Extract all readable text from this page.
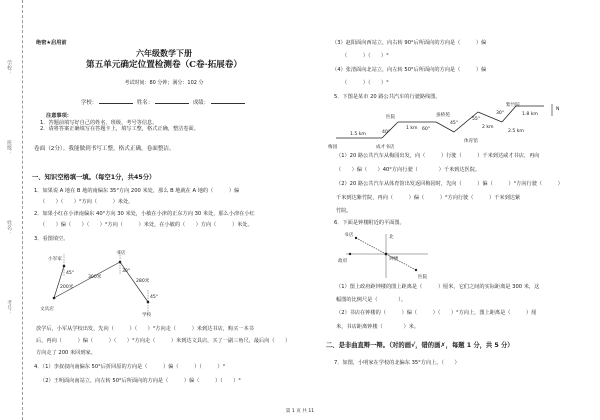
学校：
班级：
姓名：
考号：
绝密★启用前
六年级数学下册
第五单元确定位置检测卷（C卷·拓展卷）
考试时间：80 分钟；满分：102 分
学校：	姓名：	成绩：
注意事项：
1．答题前填写好自己的姓名、班级、考号等信息。
2．请将答案正确填写在答题卡上，填写工整，格式正确，整洁卷面。
卷面（2分）。我能做到书写工整，格式正确，卷面整洁。
一、知识空格填一填。（每空1分，共45分）
1．如果说 A 地在 B 地的南偏东 35°方向 200 米处，那么 B 地就在 A 地的（　　　）偏
（　　）（　　）°方向（　　　）米处。
2．如果小红在小津南偏东 40°方向 30 米处，小敏在小津的正东方向 30 米处，那么小津在小红
（　　）偏（　　）（　　）°方向（　　　）米处，在小敏的（　　）方向（　　　）米处。
3．看图填空。
小军家
书店
文具店
学校
200米
300米
280米
45°	30°
45°
放学后，小军从学校出发，先向（　　　）（　　）°方向走（　　　）米到达书店，购买一本书
后，再向（　　　）偏（　　　）（　　）°方向走（　　　）米到达文具店，买了一副三角尺，最后向（　　）
方向走了 200 米回到家。
4．（1）李叔叔向南偏东 50°后折回原的方向是（　　　）偏（　　　）（　　　）°
（2）王明面向南站立，向左转 50°后所面向的方向是（　　　）偏（　　　）（　　）°
（3）赵阳面向西站立，向右转 90°后所面向的方向是（　　　）偏
（　　　）（　　）°
（4）张清面向北站立，向左转 50°后所面向的方向是（　　　）偏
（　　　）（　　）°
5．下图是某市 20 路公共汽车的行驶路线图。
N
紫竹院
医院	蚕桥苑
梅园	成才书店
体育馆
1.5 km
1 km	2 km
1.8 km
2.5 km
40°
60°
45°
55°
30°
（1）20 路公共汽车从梅园出发，向（　　　）行驶（　　　）千米到达咸才书店，再向
（　　）偏（　　）40°方向行驶（　　　　）千米到达医院。
（2）20 路公共汽车从体育馆出发返回梅园时，先向（　　　）偏（　　　）°方向行驶（　　　）
千米到达紫竹院，再向（　　　）偏（　　　）°方向行驶（　　　）千米到达紫
竹院。
6．下面是钟楼附近的平面图。
书店
政府	钟楼
医院
北
（1）图上政府距钟楼的图上距离是（　　　）厘米，它们之间的实际距离是 300 米，这
幅图的比例尺是（　　　　）。
（2）书店在钟楼的（　　　）偏（　　　）（　　）°方向上，图上距离是（　　　）厘
米，书店距离钟楼（　　　　）米。
二、是非曲直辩一辩。（对的画√，错的画✗，每题 1 分，共 5 分）
7．如图，小明家在学校的北偏东 35°方向上。（　　）
第 1 页 共 11
